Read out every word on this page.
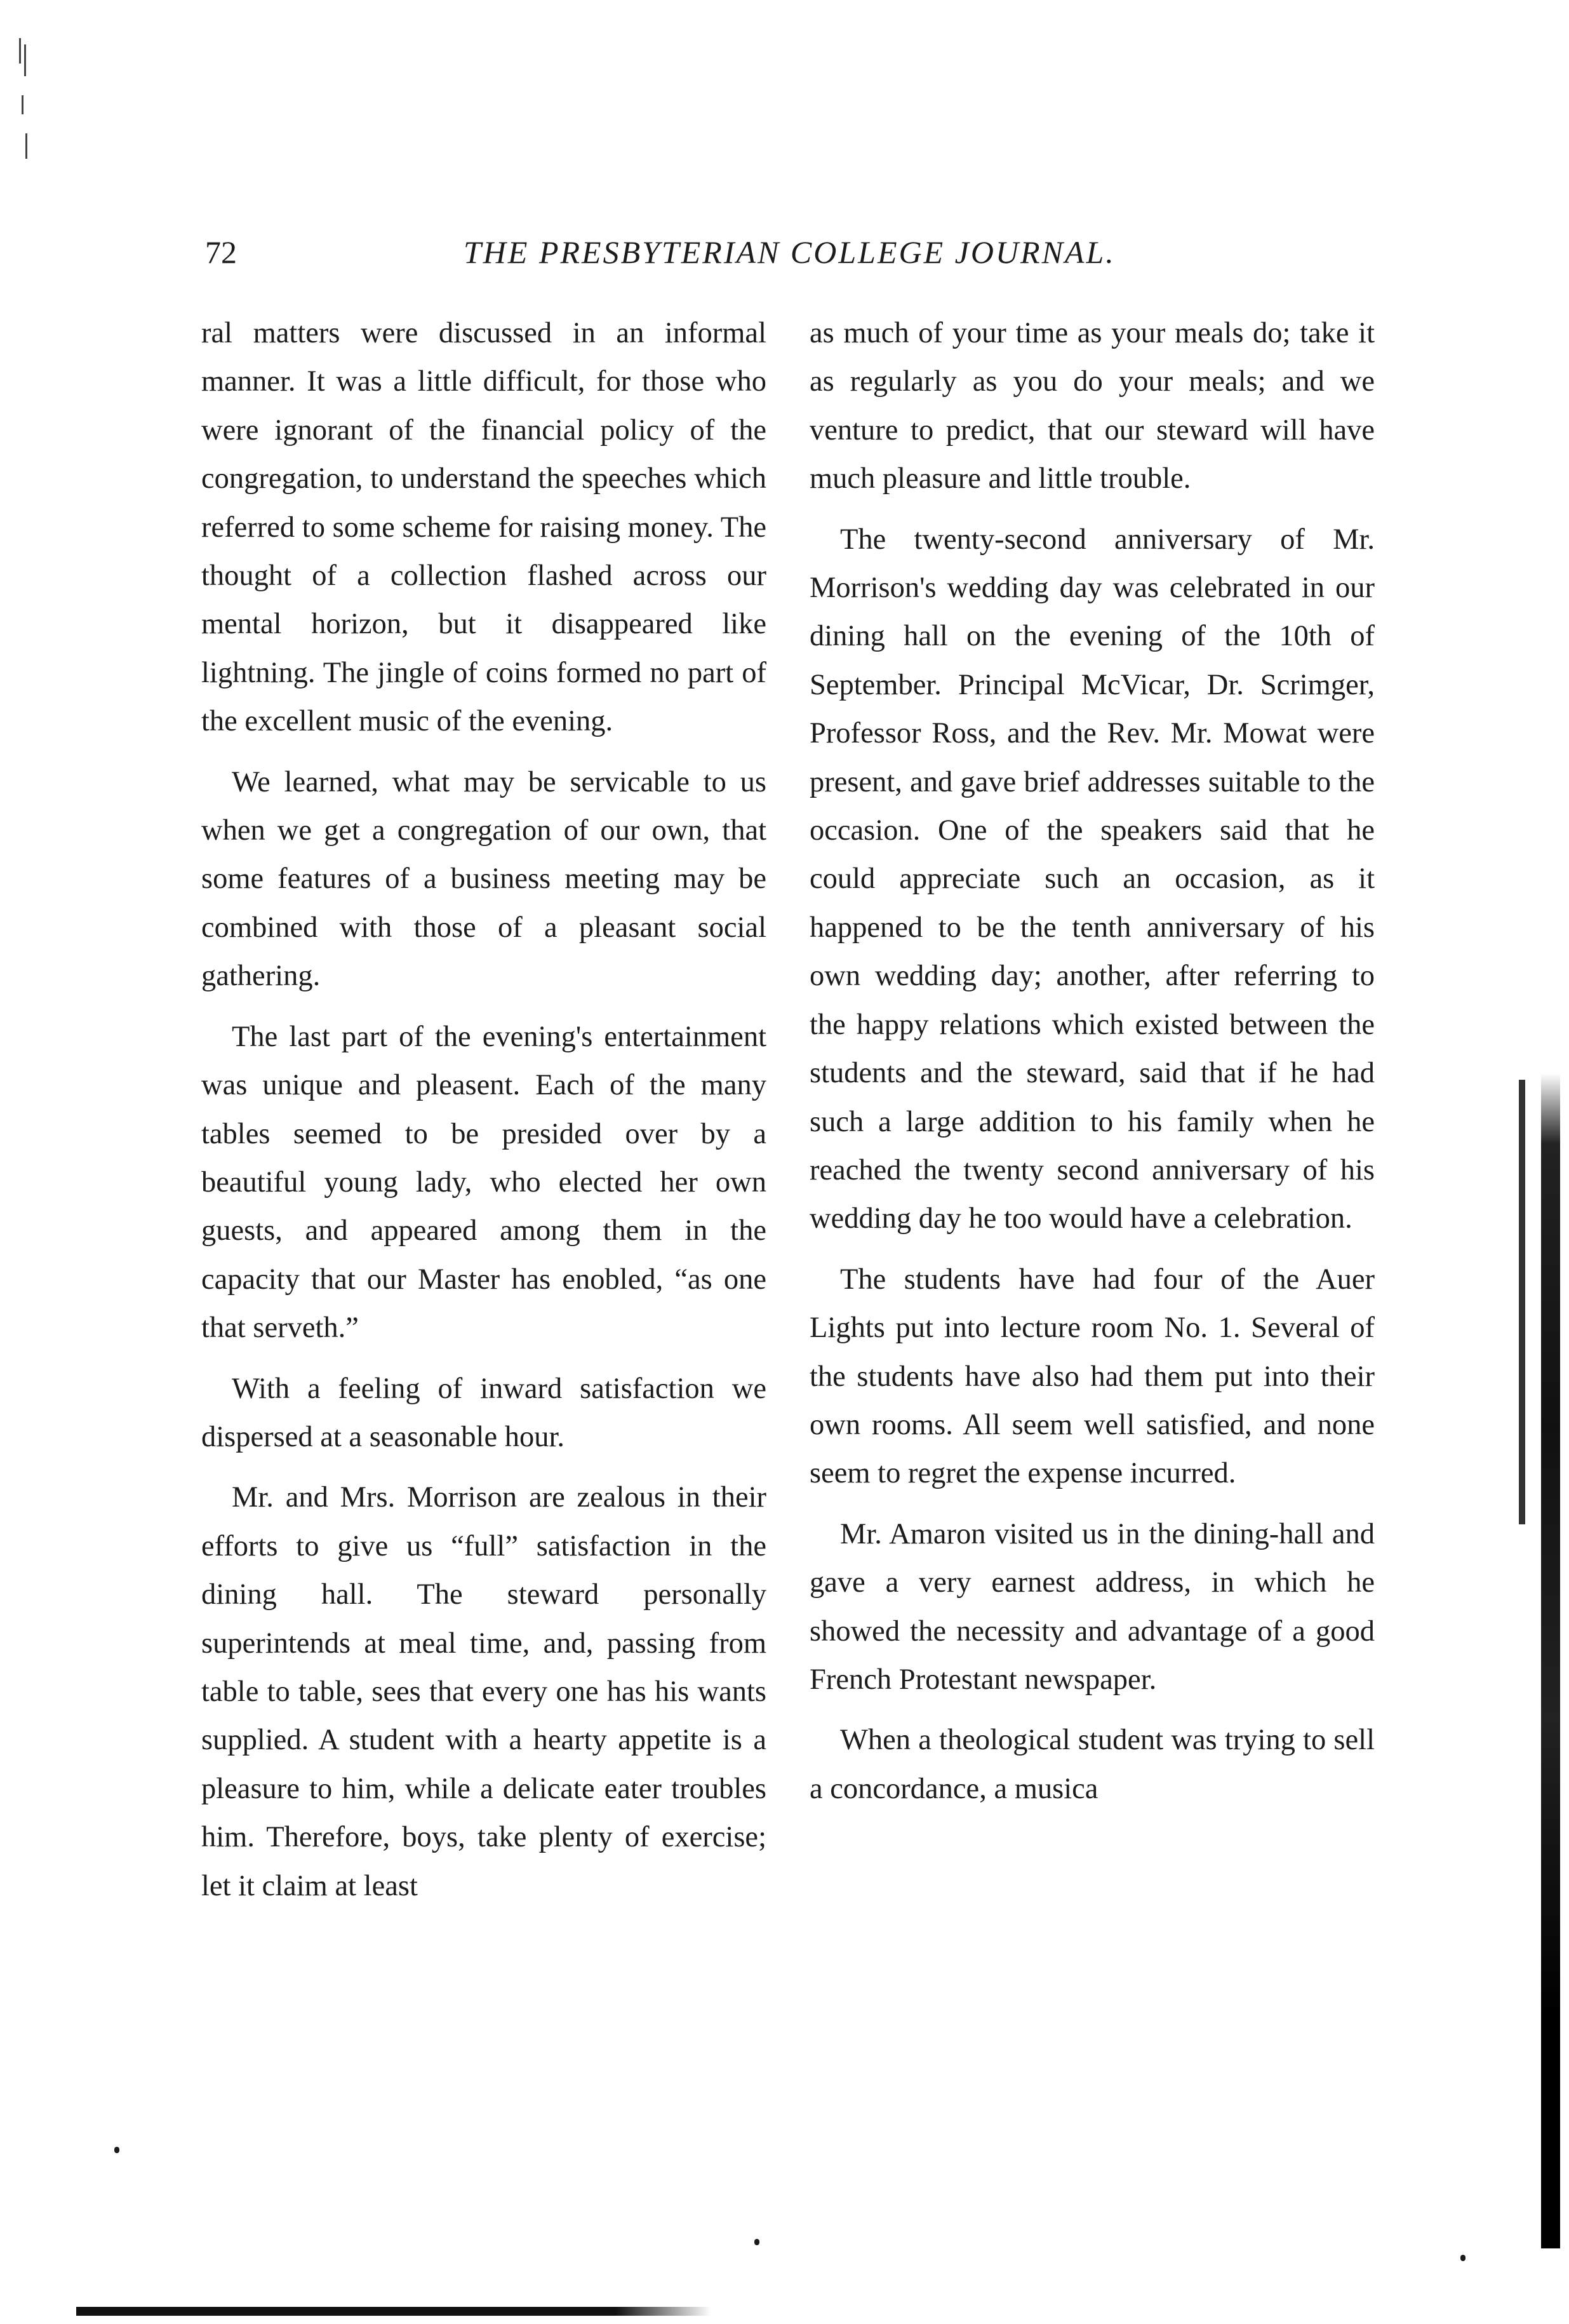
72	THE PRESBYTERIAN COLLEGE JOURNAL.

ral matters were discussed in an informal manner. It was a little difficult, for those who were ignorant of the financial policy of the congregation, to understand the speeches which referred to some scheme for raising money. The thought of a collection flashed across our mental horizon, but it disappeared like lightning. The jingle of coins formed no part of the excellent music of the evening.

We learned, what may be servicable to us when we get a congregation of our own, that some features of a business meeting may be combined with those of a pleasant social gathering.

The last part of the evening's entertainment was unique and pleasent. Each of the many tables seemed to be presided over by a beautiful young lady, who elected her own guests, and appeared among them in the capacity that our Master has enobled, “as one that serveth.”

With a feeling of inward satisfaction we dispersed at a seasonable hour.

Mr. and Mrs. Morrison are zealous in their efforts to give us “full” satisfaction in the dining hall. The steward personally superintends at meal time, and, passing from table to table, sees that every one has his wants supplied. A student with a hearty appetite is a pleasure to him, while a delicate eater troubles him. Therefore, boys, take plenty of exercise; let it claim at least

as much of your time as your meals do; take it as regularly as you do your meals; and we venture to predict, that our steward will have much pleasure and little trouble.

The twenty-second anniversary of Mr. Morrison's wedding day was celebrated in our dining hall on the evening of the 10th of September. Principal McVicar, Dr. Scrimger, Professor Ross, and the Rev. Mr. Mowat were present, and gave brief addresses suitable to the occasion. One of the speakers said that he could appreciate such an occasion, as it happened to be the tenth anniversary of his own wedding day; another, after referring to the happy relations which existed between the students and the steward, said that if he had such a large addition to his family when he reached the twenty second anniversary of his wedding day he too would have a celebration.

The students have had four of the Auer Lights put into lecture room No. 1. Several of the students have also had them put into their own rooms. All seem well satisfied, and none seem to regret the expense incurred.

Mr. Amaron visited us in the dining-hall and gave a very earnest address, in which he showed the necessity and advantage of a good French Protestant newspaper.

When a theological student was trying to sell a concordance, a musica
